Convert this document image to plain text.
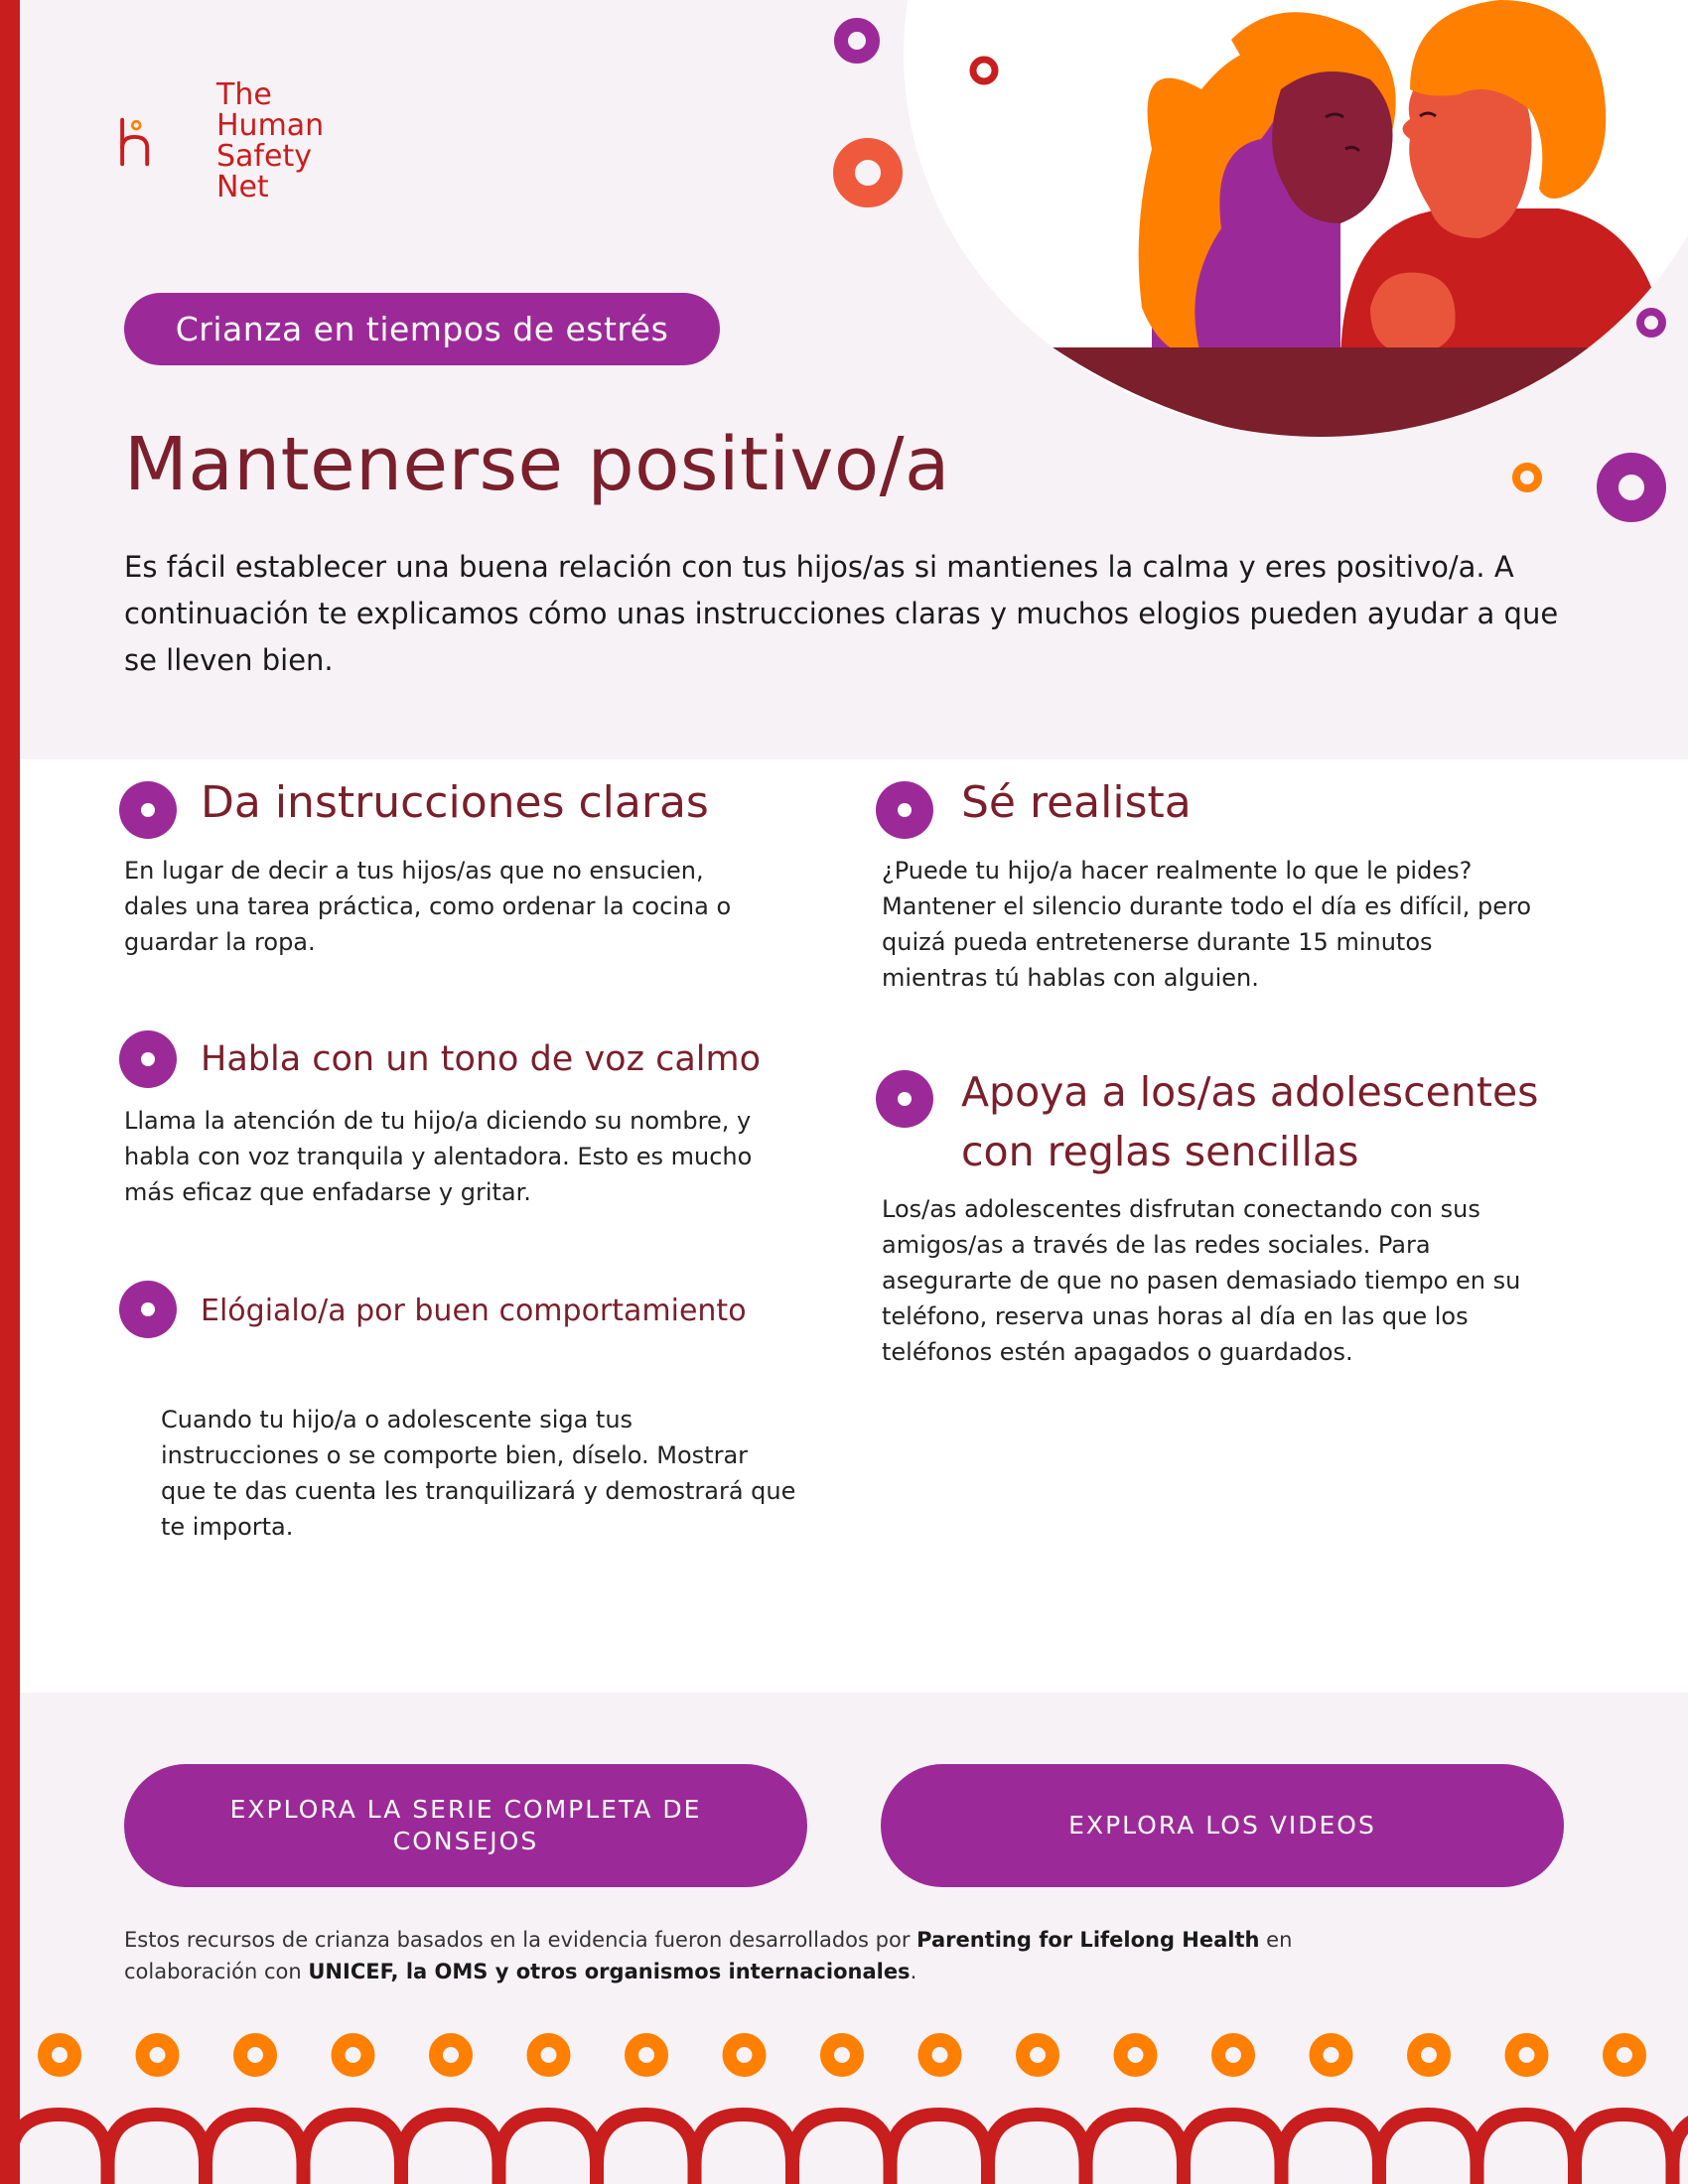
The
Human
Safety
Net
Crianza en tiempos de estrés
Mantenerse positivo/a
Es fácil establecer una buena relación con tus hijos/as si mantienes la calma y eres positivo/a. A continuación te explicamos cómo unas instrucciones claras y muchos elogios pueden ayudar a que se lleven bien.
Da instrucciones claras

En lugar de decir a tus hijos/as que no ensucien, dales una tarea práctica, como ordenar la cocina o guardar la ropa.

Habla con un tono de voz calmo

Llama la atención de tu hijo/a diciendo su nombre, y habla con voz tranquila y alentadora. Esto es mucho más eficaz que enfadarse y gritar.

Elógialo/a por buen comportamiento

Cuando tu hijo/a o adolescente siga tus instrucciones o se comporte bien, díselo. Mostrar que te das cuenta les tranquilizará y demostrará que te importa.

Sé realista

¿Puede tu hijo/a hacer realmente lo que le pides? Mantener el silencio durante todo el día es difícil, pero quizá pueda entretenerse durante 15 minutos mientras tú hablas con alguien.

Apoya a los/as adolescentes con reglas sencillas

Los/as adolescentes disfrutan conectando con sus amigos/as a través de las redes sociales. Para asegurarte de que no pasen demasiado tiempo en su teléfono, reserva unas horas al día en las que los teléfonos estén apagados o guardados.

EXPLORA LA SERIE COMPLETA DE CONSEJOS
EXPLORA LOS VIDEOS
Estos recursos de crianza basados en la evidencia fueron desarrollados por Parenting for Lifelong Health en colaboración con UNICEF, la OMS y otros organismos internacionales.
